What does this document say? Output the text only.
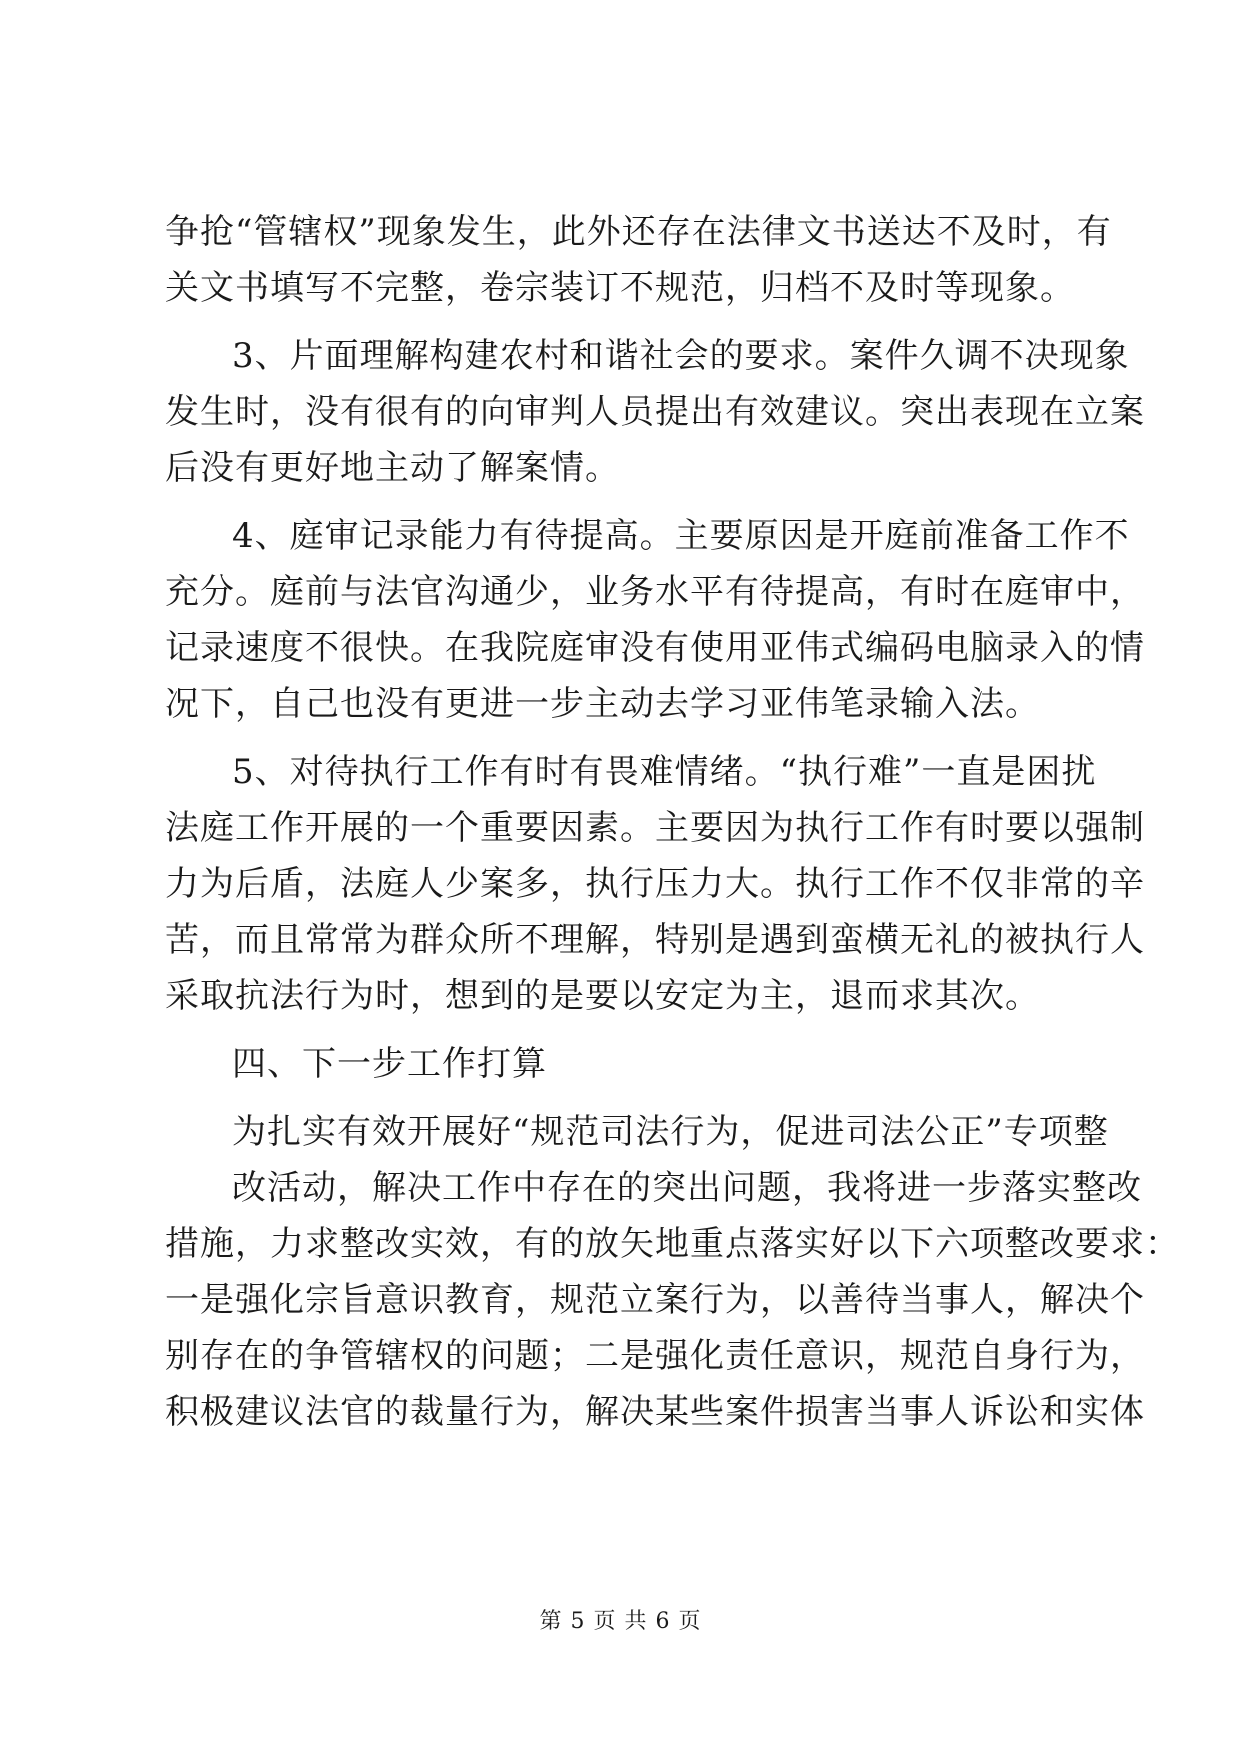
争抢“管辖权”现象发生，此外还存在法律文书送达不及时，有
关文书填写不完整，卷宗装订不规范，归档不及时等现象。
3、片面理解构建农村和谐社会的要求。案件久调不决现象
发生时，没有很有的向审判人员提出有效建议。突出表现在立案
后没有更好地主动了解案情。
4、庭审记录能力有待提高。主要原因是开庭前准备工作不
充分。庭前与法官沟通少，业务水平有待提高，有时在庭审中，
记录速度不很快。在我院庭审没有使用亚伟式编码电脑录入的情
况下，自己也没有更进一步主动去学习亚伟笔录输入法。
5、对待执行工作有时有畏难情绪。“执行难”一直是困扰
法庭工作开展的一个重要因素。主要因为执行工作有时要以强制
力为后盾，法庭人少案多，执行压力大。执行工作不仅非常的辛
苦，而且常常为群众所不理解，特别是遇到蛮横无礼的被执行人
采取抗法行为时，想到的是要以安定为主，退而求其次。
四、下一步工作打算
为扎实有效开展好“规范司法行为，促进司法公正”专项整
改活动，解决工作中存在的突出问题，我将进一步落实整改
措施，力求整改实效，有的放矢地重点落实好以下六项整改要求：
一是强化宗旨意识教育，规范立案行为，以善待当事人，解决个
别存在的争管辖权的问题；二是强化责任意识，规范自身行为，
积极建议法官的裁量行为，解决某些案件损害当事人诉讼和实体
第 5 页 共 6 页
